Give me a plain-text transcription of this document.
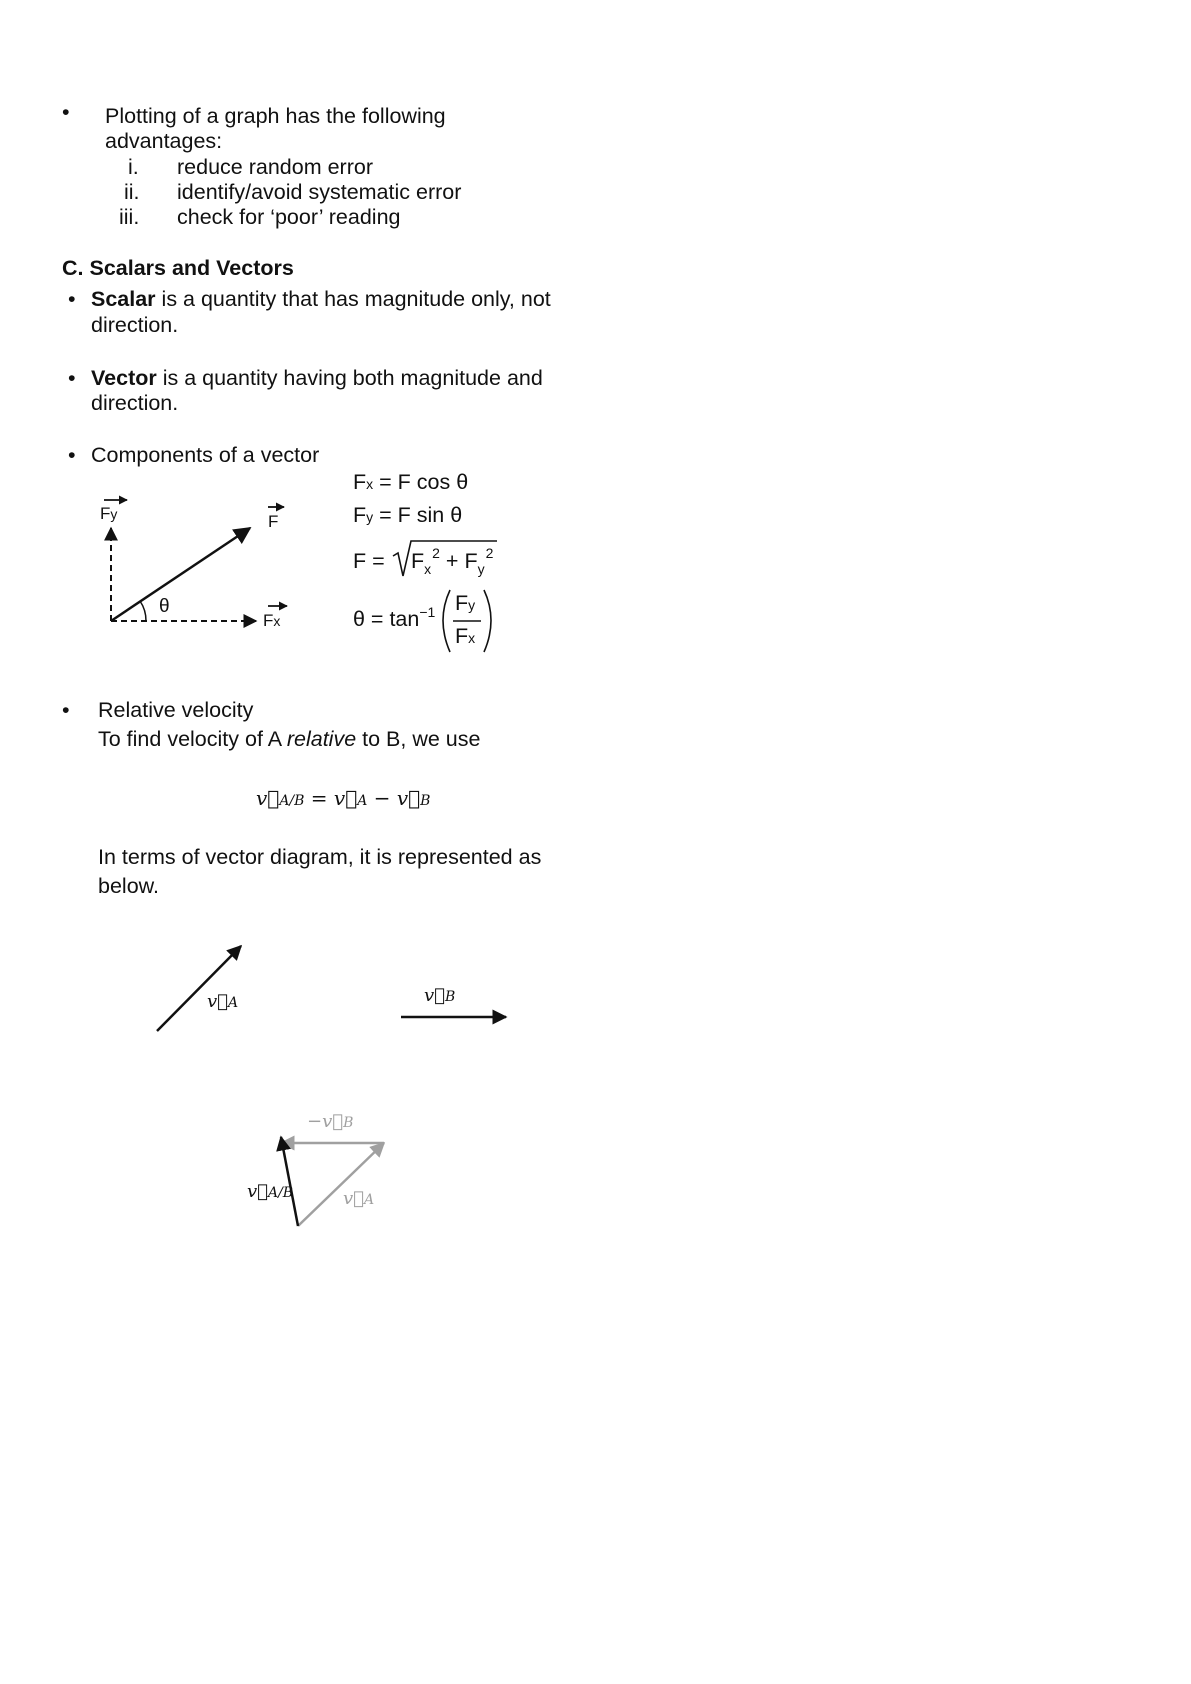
• Plotting of a graph has the following
advantages:
i. reduce random error
ii. identify/avoid systematic error
iii. check for ‘poor’ reading
C. Scalars and Vectors
• Scalar is a quantity that has magnitude only, not
direction.
• Vector is a quantity having both magnitude and
direction.
• Components of a vector
Fy	F
Fx
θ
Fx = F cos θ
Fy = F sin θ
$F = F_x^2 + F_y^2$
$\theta = \tan^{-1} Fy$
Fx
• Relative velocity
To find velocity of A relative to B, we use
v⃗A/B = v⃗A − v⃗B
In terms of vector diagram, it is represented as
below.
v⃗A	v⃗B
−v⃗B
v⃗A/B	v⃗A
